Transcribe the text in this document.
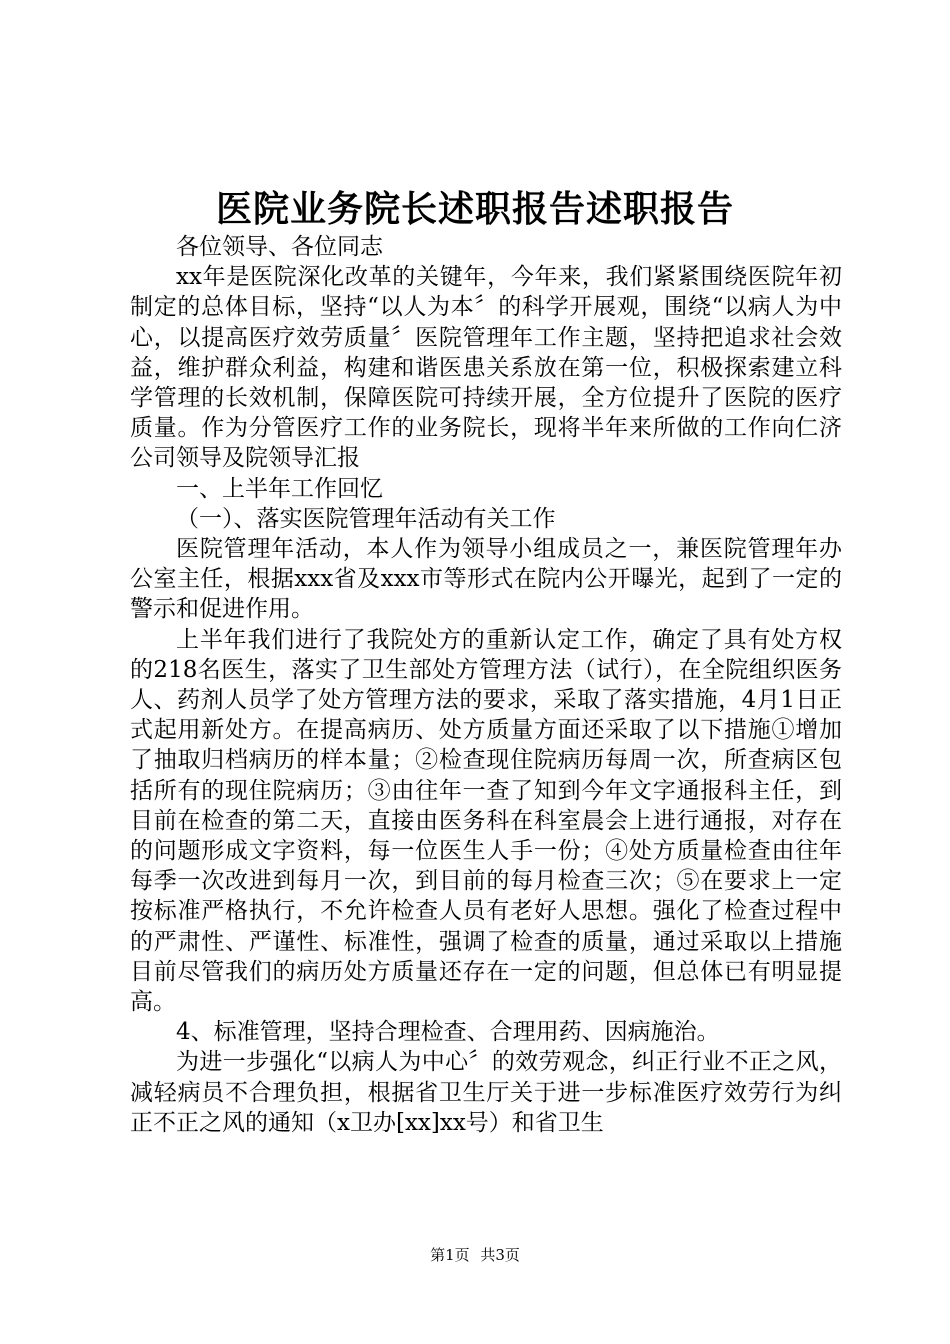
医院业务院长述职报告述职报告

各位领导、各位同志

xx年是医院深化改革的关键年，今年来，我们紧紧围绕医院年初制定的总体目标，坚持“以人为本〞的科学开展观，围绕“以病人为中心，以提高医疗效劳质量〞医院管理年工作主题，坚持把追求社会效益，维护群众利益，构建和谐医患关系放在第一位，积极探索建立科学管理的长效机制，保障医院可持续开展，全方位提升了医院的医疗质量。作为分管医疗工作的业务院长，现将半年来所做的工作向仁济公司领导及院领导汇报

一、上半年工作回忆

（一）、落实医院管理年活动有关工作

医院管理年活动，本人作为领导小组成员之一，兼医院管理年办公室主任，根据xxx省及xxx市等形式在院内公开曝光，起到了一定的警示和促进作用。

上半年我们进行了我院处方的重新认定工作，确定了具有处方权的218名医生，落实了卫生部处方管理方法（试行），在全院组织医务人、药剂人员学了处方管理方法的要求，采取了落实措施，4月1日正式起用新处方。在提高病历、处方质量方面还采取了以下措施①增加了抽取归档病历的样本量；②检查现住院病历每周一次，所查病区包括所有的现住院病历；③由往年一查了知到今年文字通报科主任，到目前在检查的第二天，直接由医务科在科室晨会上进行通报，对存在的问题形成文字资料，每一位医生人手一份；④处方质量检查由往年每季一次改进到每月一次，到目前的每月检查三次；⑤在要求上一定按标准严格执行，不允许检查人员有老好人思想。强化了检查过程中的严肃性、严谨性、标准性，强调了检查的质量，通过采取以上措施目前尽管我们的病历处方质量还存在一定的问题，但总体已有明显提高。

4、标准管理，坚持合理检查、合理用药、因病施治。

为进一步强化“以病人为中心〞的效劳观念，纠正行业不正之风，减轻病员不合理负担，根据省卫生厅关于进一步标准医疗效劳行为纠正不正之风的通知（x卫办[xx]xx号）和省卫生

第1页 共3页
